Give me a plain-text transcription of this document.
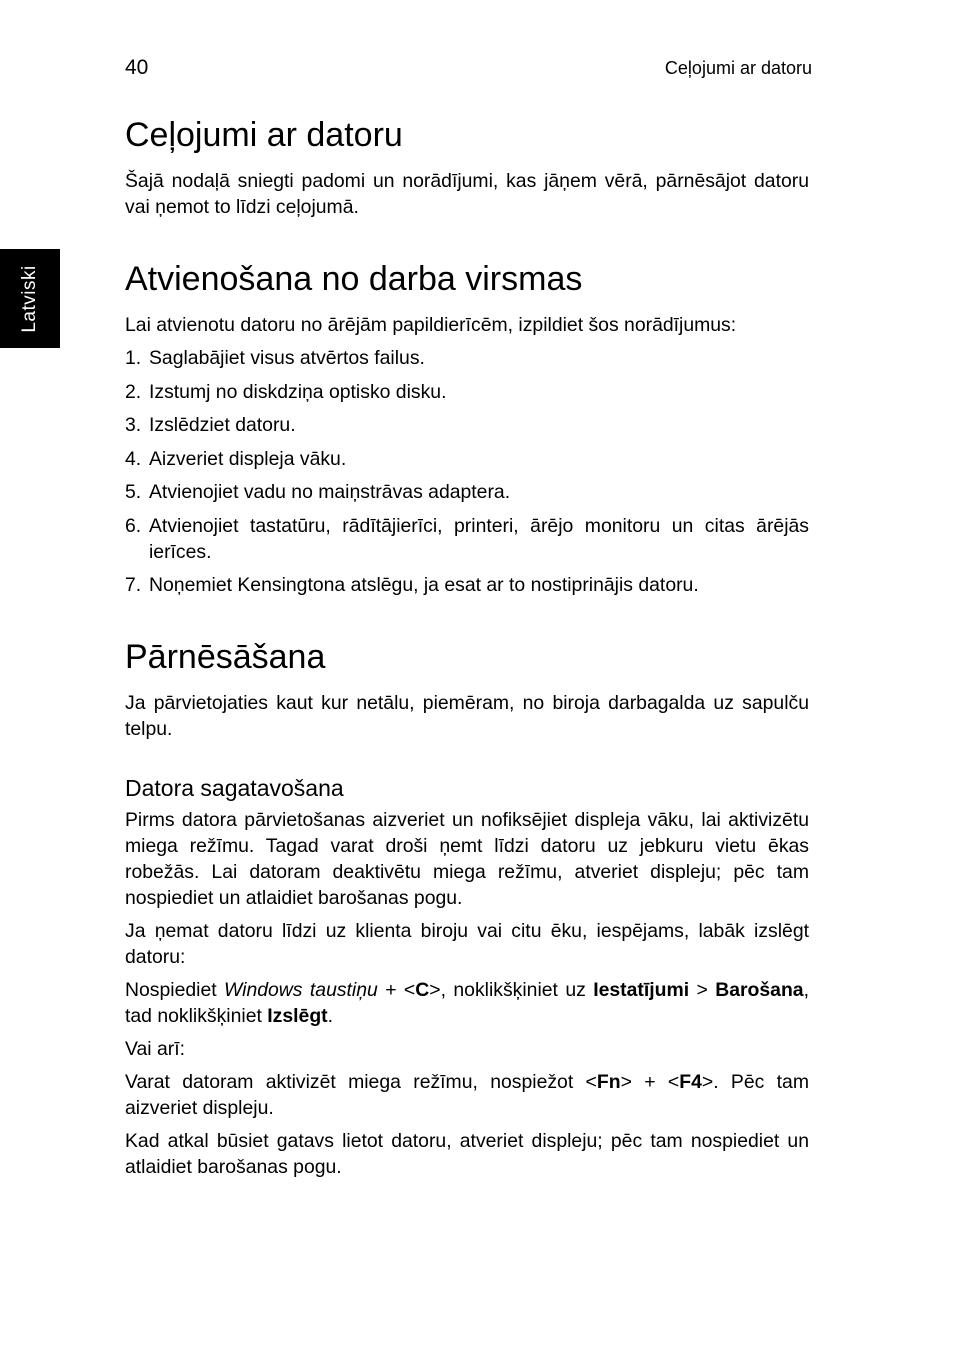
Latviski
40	Ceļojumi ar datoru
Ceļojumi ar datoru

Šajā nodaļā sniegti padomi un norādījumi, kas jāņem vērā, pārnēsājot datoru vai ņemot to līdzi ceļojumā.

Atvienošana no darba virsmas

Lai atvienotu datoru no ārējām papildierīcēm, izpildiet šos norādījumus:

1. Saglabājiet visus atvērtos failus.
2. Izstumj no diskdziņa optisko disku.
3. Izslēdziet datoru.
4. Aizveriet displeja vāku.
5. Atvienojiet vadu no maiņstrāvas adaptera.
6. Atvienojiet tastatūru, rādītājierīci, printeri, ārējo monitoru un citas ārējās ierīces.
7. Noņemiet Kensingtona atslēgu, ja esat ar to nostiprinājis datoru.
Pārnēsāšana

Ja pārvietojaties kaut kur netālu, piemēram, no biroja darbagalda uz sapulču telpu.

Datora sagatavošana

Pirms datora pārvietošanas aizveriet un nofiksējiet displeja vāku, lai aktivizētu miega režīmu. Tagad varat droši ņemt līdzi datoru uz jebkuru vietu ēkas robežās. Lai datoram deaktivētu miega režīmu, atveriet displeju; pēc tam nospiediet un atlaidiet barošanas pogu.

Ja ņemat datoru līdzi uz klienta biroju vai citu ēku, iespējams, labāk izslēgt datoru:

Nospiediet Windows taustiņu + <C>, noklikšķiniet uz Iestatījumi > Barošana, tad noklikšķiniet Izslēgt.

Vai arī:

Varat datoram aktivizēt miega režīmu, nospiežot <Fn> + <F4>. Pēc tam aizveriet displeju.

Kad atkal būsiet gatavs lietot datoru, atveriet displeju; pēc tam nospiediet un atlaidiet barošanas pogu.
